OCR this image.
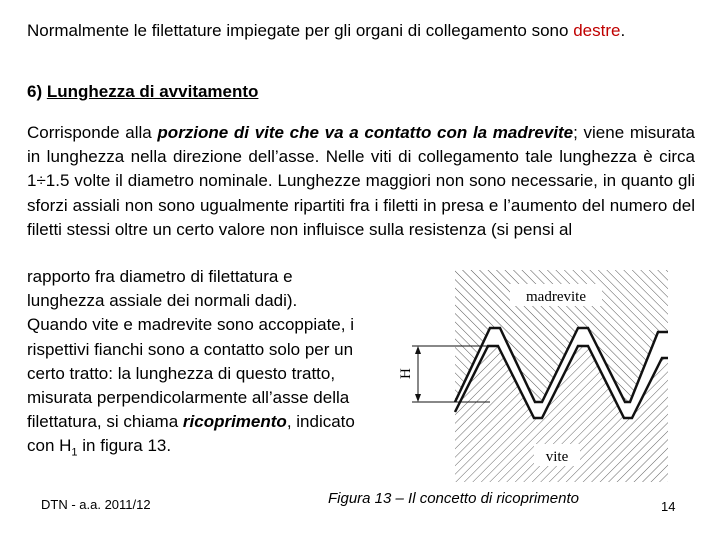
Normalmente le filettature impiegate per gli organi di collegamento sono destre.

6) Lunghezza di avvitamento

Corrisponde alla porzione di vite che va a contatto con la madrevite; viene misurata in lunghezza nella direzione dell’asse. Nelle viti di collegamento tale lunghezza è circa 1÷1.5 volte il diametro nominale. Lunghezze maggiori non sono necessarie, in quanto gli sforzi assiali non sono ugualmente ripartiti fra i filetti in presa e l’aumento del numero del filetti stessi oltre un certo valore non influisce sulla resistenza (si pensi al

rapporto fra diametro di filettatura e lunghezza assiale dei normali dadi). Quando vite e madrevite sono accoppiate, i rispettivi fianchi sono a contatto solo per un certo tratto: la lunghezza di questo tratto, misurata perpendicolarmente all’asse della filettatura, si chiama ricoprimento, indicato con $H_1$ in figura 13.

madrevite
vite
H
DTN - a.a. 2011/12	Figura 13 – Il concetto di ricoprimento	14
